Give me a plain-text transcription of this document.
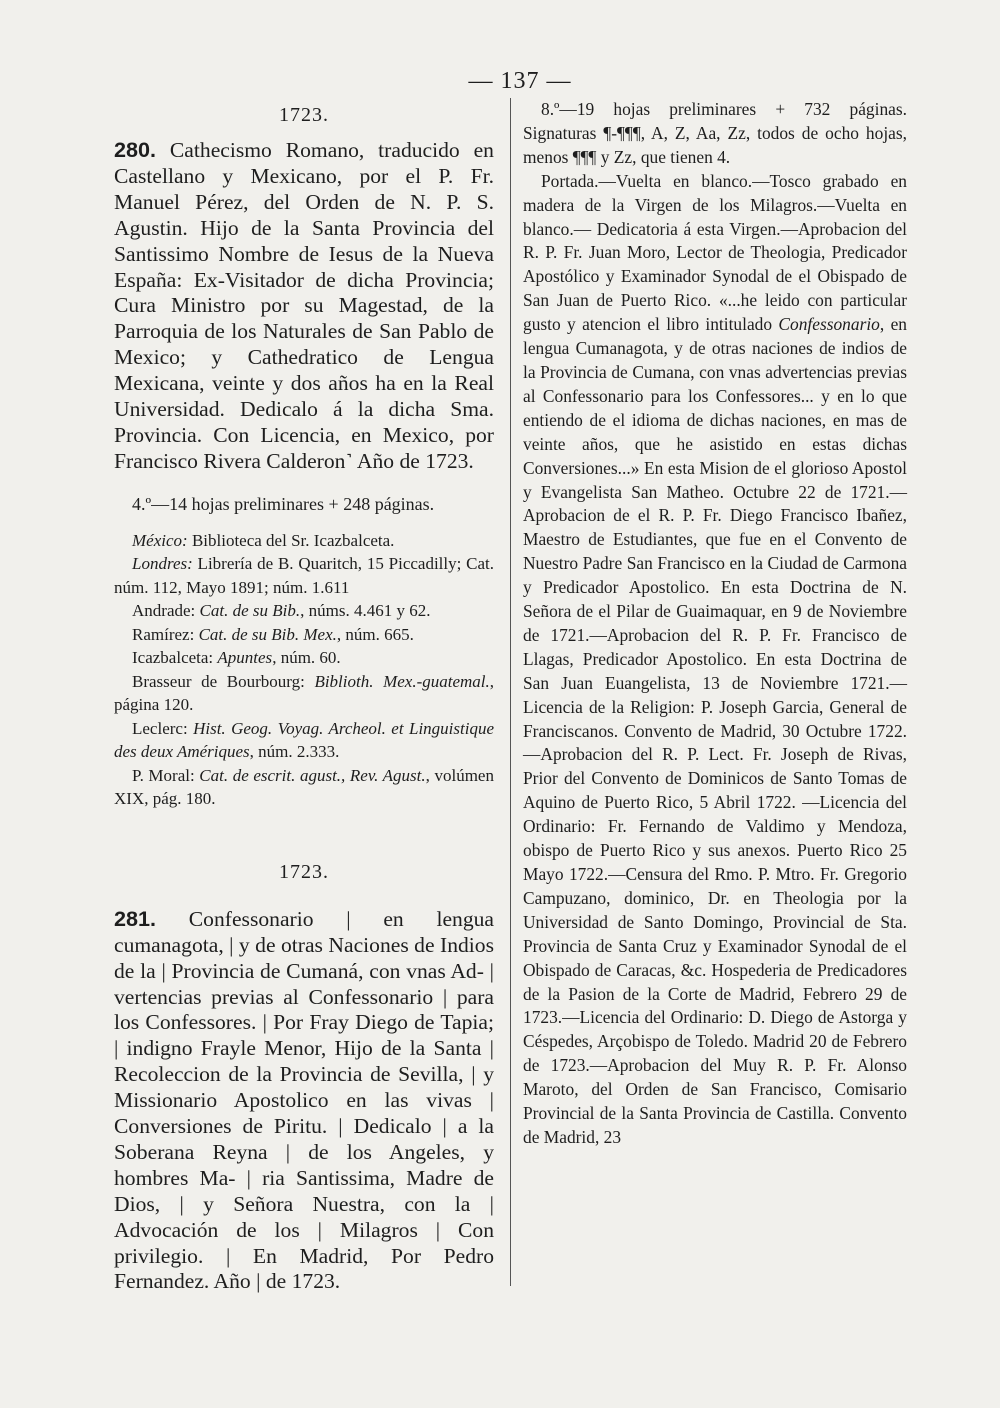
— 137 —
1723.

280. Cathecismo Romano, traducido en Castellano y Mexicano, por el P. Fr. Manuel Pérez, del Orden de N. P. S. Agustin. Hijo de la Santa Provincia del Santissimo Nombre de Iesus de la Nueva España: Ex-Visitador de dicha Provincia; Cura Ministro por su Magestad, de la Parroquia de los Naturales de San Pablo de Mexico; y Cathedratico de Lengua Mexicana, veinte y dos años ha en la Real Universidad. Dedicalo á la dicha Sma. Provincia. Con Licencia, en Mexico, por Francisco Rivera Calderon˺ Año de 1723.

4.º—14 hojas preliminares + 248 páginas.

México: Biblioteca del Sr. Icazbalceta.

Londres: Librería de B. Quaritch, 15 Piccadilly; Cat. núm. 112, Mayo 1891; núm. 1.611

Andrade: Cat. de su Bib., núms. 4.461 y 62.

Ramírez: Cat. de su Bib. Mex., núm. 665.

Icazbalceta: Apuntes, núm. 60.

Brasseur de Bourbourg: Biblioth. Mex.-guatemal., página 120.

Leclerc: Hist. Geog. Voyag. Archeol. et Linguistique des deux Amériques, núm. 2.333.

P. Moral: Cat. de escrit. agust., Rev. Agust., volúmen XIX, pág. 180.

1723.

281. Confessonario | en lengua cumanagota, | y de otras Naciones de Indios de la | Provincia de Cumaná, con vnas Ad- | vertencias previas al Confessonario | para los Confessores. | Por Fray Diego de Tapia; | indigno Frayle Menor, Hijo de la Santa | Recoleccion de la Provincia de Sevilla, | y Missionario Apostolico en las vivas | Conversiones de Piritu. | Dedicalo | a la Soberana Reyna | de los Angeles, y hombres Ma- | ria Santissima, Madre de Dios, | y Señora Nuestra, con la | Advocación de los | Milagros | Con privilegio. | En Madrid, Por Pedro Fernandez. Año | de 1723.

8.º—19 hojas preliminares + 732 páginas. Signaturas ¶-¶¶¶, A, Z, Aa, Zz, todos de ocho hojas, menos ¶¶¶ y Zz, que tienen 4.

Portada.—Vuelta en blanco.—Tosco grabado en madera de la Virgen de los Milagros.—Vuelta en blanco.— Dedicatoria á esta Virgen.—Aprobacion del R. P. Fr. Juan Moro, Lector de Theologia, Predicador Apostólico y Examinador Synodal de el Obispado de San Juan de Puerto Rico. «...he leido con particular gusto y atencion el libro intitulado Confessonario, en lengua Cumanagota, y de otras naciones de indios de la Provincia de Cumana, con vnas advertencias previas al Confessonario para los Confessores... y en lo que entiendo de el idioma de dichas naciones, en mas de veinte años, que he asistido en estas dichas Conversiones...» En esta Mision de el glorioso Apostol y Evangelista San Matheo. Octubre 22 de 1721.—Aprobacion de el R. P. Fr. Diego Francisco Ibañez, Maestro de Estudiantes, que fue en el Convento de Nuestro Padre San Francisco en la Ciudad de Carmona y Predicador Apostolico. En esta Doctrina de N. Señora de el Pilar de Guaimaquar, en 9 de Noviembre de 1721.—Aprobacion del R. P. Fr. Francisco de Llagas, Predicador Apostolico. En esta Doctrina de San Juan Euangelista, 13 de Noviembre 1721.—Licencia de la Religion: P. Joseph Garcia, General de Franciscanos. Convento de Madrid, 30 Octubre 1722.—Aprobacion del R. P. Lect. Fr. Joseph de Rivas, Prior del Convento de Dominicos de Santo Tomas de Aquino de Puerto Rico, 5 Abril 1722. —Licencia del Ordinario: Fr. Fernando de Valdimo y Mendoza, obispo de Puerto Rico y sus anexos. Puerto Rico 25 Mayo 1722.—Censura del Rmo. P. Mtro. Fr. Gregorio Campuzano, dominico, Dr. en Theologia por la Universidad de Santo Domingo, Provincial de Sta. Provincia de Santa Cruz y Examinador Synodal de el Obispado de Caracas, &c. Hospederia de Predicadores de la Pasion de la Corte de Madrid, Febrero 29 de 1723.—Licencia del Ordinario: D. Diego de Astorga y Céspedes, Arçobispo de Toledo. Madrid 20 de Febrero de 1723.—Aprobacion del Muy R. P. Fr. Alonso Maroto, del Orden de San Francisco, Comisario Provincial de la Santa Provincia de Castilla. Convento de Madrid, 23
